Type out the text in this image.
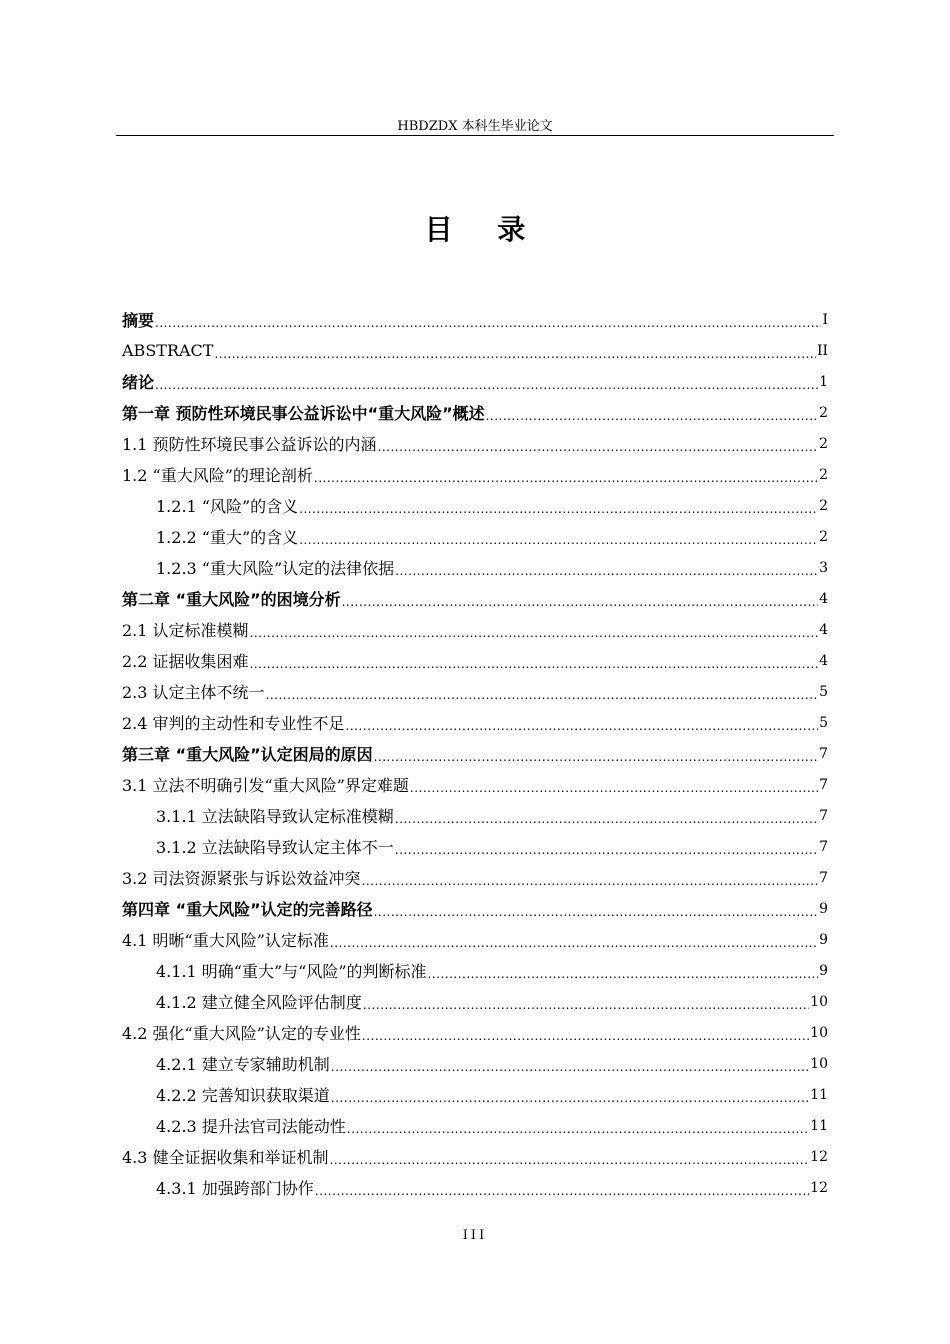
HBDZDX 本科生毕业论文
目录
摘要 .....	I
ABSTRACT .....	II
绪论 .....	1
第一章 预防性环境民事公益诉讼中“重大风险”概述 .....	2
1.1 预防性环境民事公益诉讼的内涵 .....	2
1.2 “重大风险”的理论剖析 .....	2
1.2.1 “风险”的含义 .....	2
1.2.2 “重大”的含义 .....	2
1.2.3 “重大风险”认定的法律依据 .....	3
第二章 “重大风险”的困境分析 .....	4
2.1 认定标准模糊 .....	4
2.2 证据收集困难 .....	4
2.3 认定主体不统一 .....	5
2.4 审判的主动性和专业性不足 .....	5
第三章 “重大风险”认定困局的原因 .....	7
3.1 立法不明确引发“重大风险”界定难题 .....	7
3.1.1 立法缺陷导致认定标准模糊 .....	7
3.1.2 立法缺陷导致认定主体不一 .....	7
3.2 司法资源紧张与诉讼效益冲突 .....	7
第四章 “重大风险”认定的完善路径 .....	9
4.1 明晰“重大风险”认定标准 .....	9
4.1.1 明确“重大”与“风险”的判断标准 .....	9
4.1.2 建立健全风险评估制度 .....	10
4.2 强化“重大风险”认定的专业性 .....	10
4.2.1 建立专家辅助机制 .....	10
4.2.2 完善知识获取渠道 .....	11
4.2.3 提升法官司法能动性 .....	11
4.3 健全证据收集和举证机制 .....	12
4.3.1 加强跨部门协作 .....	12
III
